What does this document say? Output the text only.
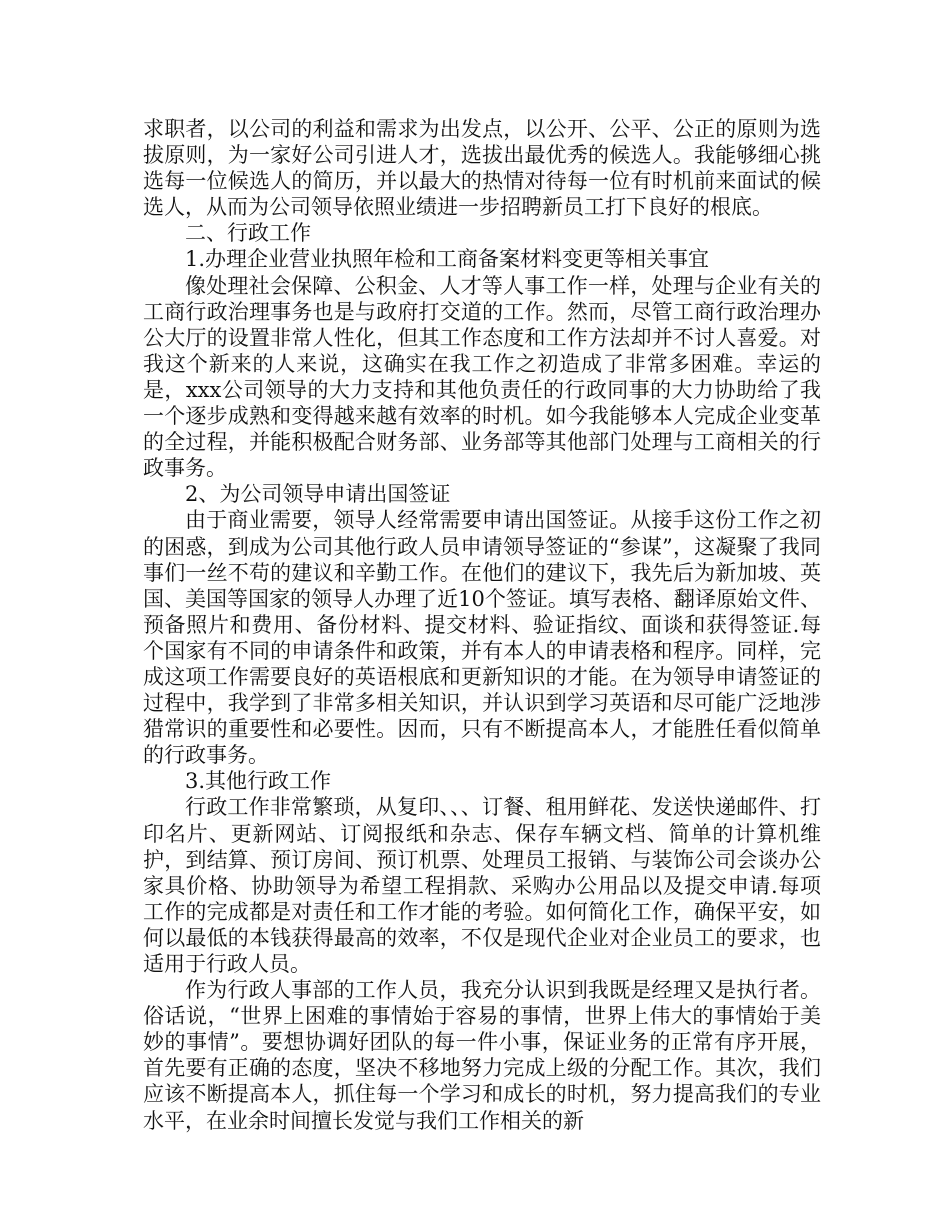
求职者，以公司的利益和需求为出发点，以公开、公平、公正的原则为选拔原则，为一家好公司引进人才，选拔出最优秀的候选人。我能够细心挑选每一位候选人的简历，并以最大的热情对待每一位有时机前来面试的候选人，从而为公司领导依照业绩进一步招聘新员工打下良好的根底。

二、行政工作

1.办理企业营业执照年检和工商备案材料变更等相关事宜

像处理社会保障、公积金、人才等人事工作一样，处理与企业有关的工商行政治理事务也是与政府打交道的工作。然而，尽管工商行政治理办公大厅的设置非常人性化，但其工作态度和工作方法却并不讨人喜爱。对我这个新来的人来说，这确实在我工作之初造成了非常多困难。幸运的是，xxx公司领导的大力支持和其他负责任的行政同事的大力协助给了我一个逐步成熟和变得越来越有效率的时机。如今我能够本人完成企业变革的全过程，并能积极配合财务部、业务部等其他部门处理与工商相关的行政事务。

2、为公司领导申请出国签证

由于商业需要，领导人经常需要申请出国签证。从接手这份工作之初的困惑，到成为公司其他行政人员申请领导签证的“参谋”，这凝聚了我同事们一丝不苟的建议和辛勤工作。在他们的建议下，我先后为新加坡、英国、美国等国家的领导人办理了近10个签证。填写表格、翻译原始文件、预备照片和费用、备份材料、提交材料、验证指纹、面谈和获得签证.每个国家有不同的申请条件和政策，并有本人的申请表格和程序。同样，完成这项工作需要良好的英语根底和更新知识的才能。在为领导申请签证的过程中，我学到了非常多相关知识，并认识到学习英语和尽可能广泛地涉猎常识的重要性和必要性。因而，只有不断提高本人，才能胜任看似简单的行政事务。

3.其他行政工作

行政工作非常繁琐，从复印、、、订餐、租用鲜花、发送快递邮件、打印名片、更新网站、订阅报纸和杂志、保存车辆文档、简单的计算机维护，到结算、预订房间、预订机票、处理员工报销、与装饰公司会谈办公家具价格、协助领导为希望工程捐款、采购办公用品以及提交申请.每项工作的完成都是对责任和工作才能的考验。如何简化工作，确保平安，如何以最低的本钱获得最高的效率，不仅是现代企业对企业员工的要求，也适用于行政人员。

作为行政人事部的工作人员，我充分认识到我既是经理又是执行者。俗话说，“世界上困难的事情始于容易的事情，世界上伟大的事情始于美妙的事情”。要想协调好团队的每一件小事，保证业务的正常有序开展，首先要有正确的态度，坚决不移地努力完成上级的分配工作。其次，我们应该不断提高本人，抓住每一个学习和成长的时机，努力提高我们的专业水平，在业余时间擅长发觉与我们工作相关的新
